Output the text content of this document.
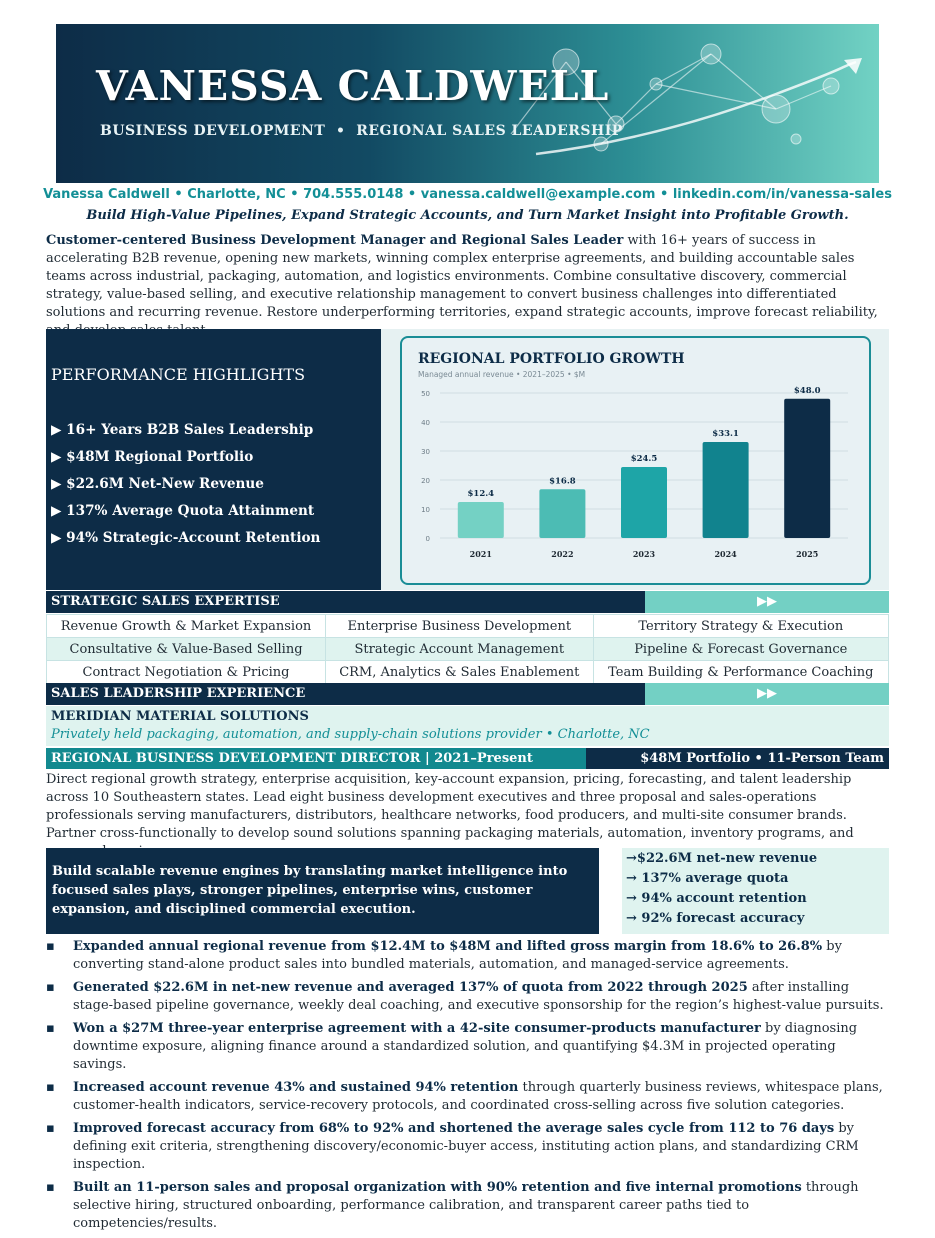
VANESSA CALDWELL
BUSINESS DEVELOPMENT  •  REGIONAL SALES LEADERSHIP
Vanessa Caldwell • Charlotte, NC • 704.555.0148 • vanessa.caldwell@example.com • linkedin.com/in/vanessa-sales
Build High-Value Pipelines, Expand Strategic Accounts, and Turn Market Insight into Profitable Growth.
Customer-centered Business Development Manager and Regional Sales Leader with 16+ years of success in accelerating B2B revenue, opening new markets, winning complex enterprise agreements, and building accountable sales teams across industrial, packaging, automation, and logistics environments. Combine consultative discovery, commercial strategy, value-based selling, and executive relationship management to convert business challenges into differentiated solutions and recurring revenue. Restore underperforming territories, expand strategic accounts, improve forecast reliability,
PERFORMANCE HIGHLIGHTS
▶ 16+ Years B2B Sales Leadership
▶ $48M Regional Portfolio
▶ $22.6M Net-New Revenue
▶ 137% Average Quota Attainment
▶ 94% Strategic-Account Retention
REGIONAL PORTFOLIO GROWTH
Managed annual revenue • 2021–2025 • $M
0
10
20
30
40
50
$12.4
$16.8
$24.5
$33.1
$48.0
2021	2022	2023	2024	2025
STRATEGIC SALES EXPERTISE	▶▶
Revenue Growth & Market Expansion	Enterprise Business Development	Territory Strategy & Execution
Consultative & Value-Based Selling	Strategic Account Management	Pipeline & Forecast Governance
Contract Negotiation & Pricing	CRM, Analytics & Sales Enablement	Team Building & Performance Coaching
SALES LEADERSHIP EXPERIENCE	▶▶
MERIDIAN MATERIAL SOLUTIONS
Privately held packaging, automation, and supply-chain solutions provider • Charlotte, NC
REGIONAL BUSINESS DEVELOPMENT DIRECTOR | 2021–Present	$48M Portfolio • 11-Person Team
Direct regional growth strategy, enterprise acquisition, key-account expansion, pricing, forecasting, and talent leadership across 10 Southeastern states. Lead eight business development executives and three proposal and sales-operations professionals serving manufacturers, distributors, healthcare networks, food producers, and multi-site consumer brands. Partner cross-functionally to develop sound solutions spanning packaging materials, automation, inventory programs, and
Build scalable revenue engines by translating market intelligence into focused sales plays, stronger pipelines, enterprise wins, customer expansion, and disciplined commercial execution.
→$22.6M net-new revenue
→ 137% average quota
→ 94% account retention
→ 92% forecast accuracy
▪ Expanded annual regional revenue from $12.4M to $48M and lifted gross margin from 18.6% to 26.8% by converting stand-alone product sales into bundled materials, automation, and managed-service agreements.
▪ Generated $22.6M in net-new revenue and averaged 137% of quota from 2022 through 2025 after installing stage-based pipeline governance, weekly deal coaching, and executive sponsorship for the region’s highest-value pursuits.
▪ Won a $27M three-year enterprise agreement with a 42-site consumer-products manufacturer by diagnosing downtime exposure, aligning finance around a standardized solution, and quantifying $4.3M in projected operating savings.
▪ Increased account revenue 43% and sustained 94% retention through quarterly business reviews, whitespace plans, customer-health indicators, service-recovery protocols, and coordinated cross-selling across five solution categories.
▪ Improved forecast accuracy from 68% to 92% and shortened the average sales cycle from 112 to 76 days by defining exit criteria, strengthening discovery/economic-buyer access, instituting action plans, and standardizing CRM inspection.
▪ Built an 11-person sales and proposal organization with 90% retention and five internal promotions through selective hiring, structured onboarding, performance calibration, and transparent career paths tied to competencies/results.
